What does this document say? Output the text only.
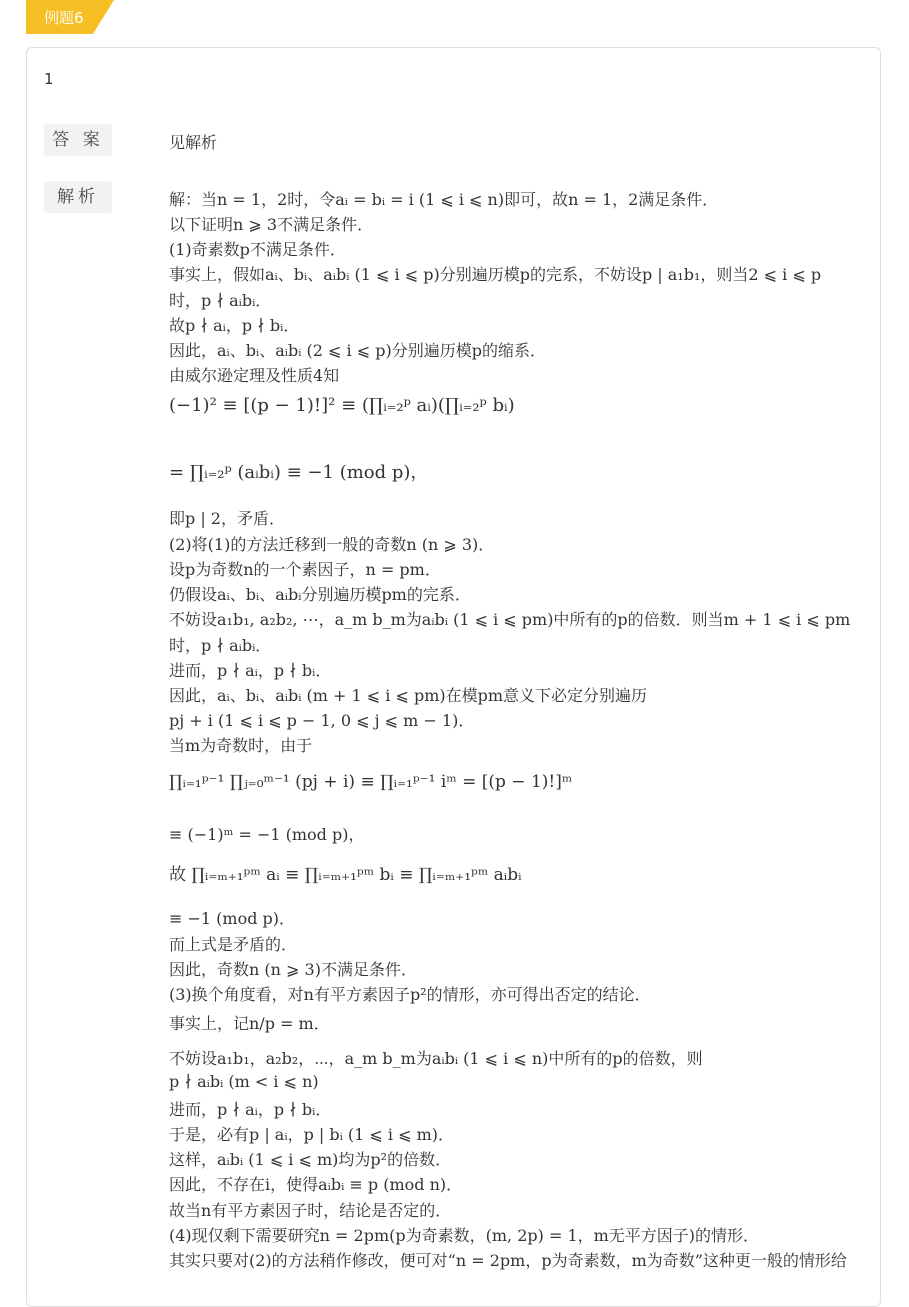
例题6
1
答 案	见解析
解析	解：当n = 1，2时，令aᵢ = bᵢ = i (1 ⩽ i ⩽ n)即可，故n = 1，2满足条件．
以下证明n ⩾ 3不满足条件．
(1)奇素数p不满足条件．
事实上，假如aᵢ、bᵢ、aᵢbᵢ (1 ⩽ i ⩽ p)分别遍历模p的完系，不妨设p | a₁b₁，则当2 ⩽ i ⩽ p
时，p ∤ aᵢbᵢ．
故p ∤ aᵢ，p ∤ bᵢ．
因此，aᵢ、bᵢ、aᵢbᵢ (2 ⩽ i ⩽ p)分别遍历模p的缩系．
由威尔逊定理及性质4知
(−1)² ≡ [(p − 1)!]² ≡ (∏ᵢ₌₂ᵖ aᵢ)(∏ᵢ₌₂ᵖ bᵢ)
= ∏ᵢ₌₂ᵖ (aᵢbᵢ) ≡ −1 (mod p)，
即p | 2，矛盾．
(2)将(1)的方法迁移到一般的奇数n (n ⩾ 3)．
设p为奇数n的一个素因子，n = pm．
仍假设aᵢ、bᵢ、aᵢbᵢ分别遍历模pm的完系．
不妨设a₁b₁, a₂b₂, ⋯，a_m b_m为aᵢbᵢ (1 ⩽ i ⩽ pm)中所有的p的倍数．则当m + 1 ⩽ i ⩽ pm
时，p ∤ aᵢbᵢ．
进而，p ∤ aᵢ，p ∤ bᵢ．
因此，aᵢ、bᵢ、aᵢbᵢ (m + 1 ⩽ i ⩽ pm)在模pm意义下必定分别遍历
pj + i (1 ⩽ i ⩽ p − 1, 0 ⩽ j ⩽ m − 1)．
当m为奇数时，由于
∏ᵢ₌₁ᵖ⁻¹ ∏ⱼ₌₀ᵐ⁻¹ (pj + i) ≡ ∏ᵢ₌₁ᵖ⁻¹ iᵐ = [(p − 1)!]ᵐ
≡ (−1)ᵐ = −1 (mod p)，
故 ∏ᵢ₌ₘ₊₁ᵖᵐ aᵢ ≡ ∏ᵢ₌ₘ₊₁ᵖᵐ bᵢ ≡ ∏ᵢ₌ₘ₊₁ᵖᵐ aᵢbᵢ
≡ −1 (mod p)．
而上式是矛盾的．
因此，奇数n (n ⩾ 3)不满足条件．
(3)换个角度看，对n有平方素因子p²的情形，亦可得出否定的结论．
事实上，记n/p = m．
不妨设a₁b₁，a₂b₂，⋯，a_m b_m为aᵢbᵢ (1 ⩽ i ⩽ n)中所有的p的倍数，则
p ∤ aᵢbᵢ (m < i ⩽ n)
进而，p ∤ aᵢ，p ∤ bᵢ．
于是，必有p | aᵢ，p | bᵢ (1 ⩽ i ⩽ m)．
这样，aᵢbᵢ (1 ⩽ i ⩽ m)均为p²的倍数．
因此，不存在i，使得aᵢbᵢ ≡ p (mod n)．
故当n有平方素因子时，结论是否定的．
(4)现仅剩下需要研究n = 2pm(p为奇素数，(m, 2p) = 1，m无平方因子)的情形．
其实只要对(2)的方法稍作修改，便可对“n = 2pm，p为奇素数，m为奇数”这种更一般的情形给
